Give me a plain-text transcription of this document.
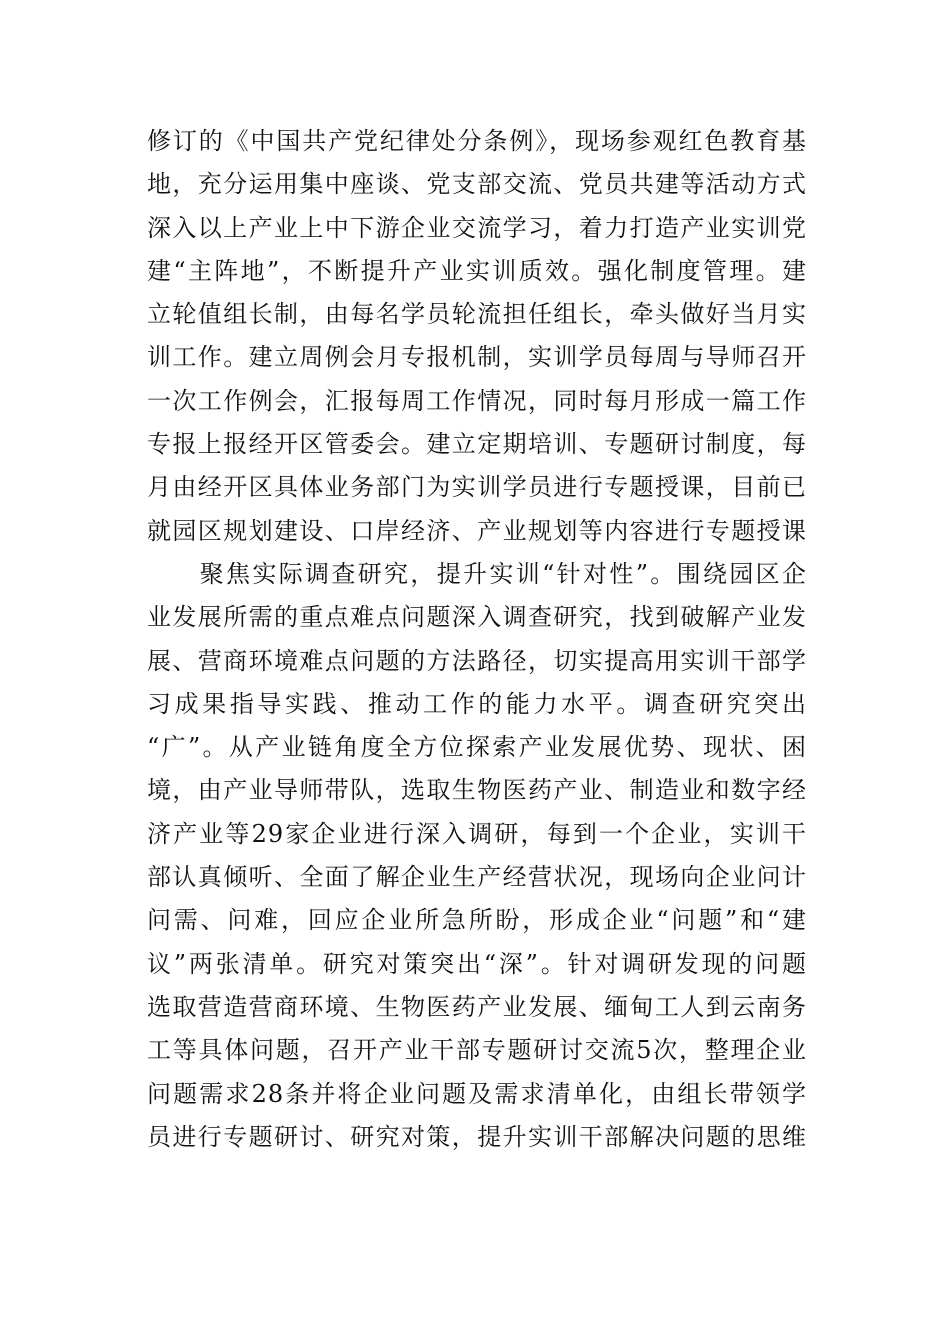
修订的《中国共产党纪律处分条例》，现场参观红色教育基
地，充分运用集中座谈、党支部交流、党员共建等活动方式
深入以上产业上中下游企业交流学习，着力打造产业实训党
建“主阵地”，不断提升产业实训质效。强化制度管理。建
立轮值组长制，由每名学员轮流担任组长，牵头做好当月实
训工作。建立周例会月专报机制，实训学员每周与导师召开
一次工作例会，汇报每周工作情况，同时每月形成一篇工作
专报上报经开区管委会。建立定期培训、专题研讨制度，每
月由经开区具体业务部门为实训学员进行专题授课，目前已
就园区规划建设、口岸经济、产业规划等内容进行专题授课
　　聚焦实际调查研究，提升实训“针对性”。围绕园区企
业发展所需的重点难点问题深入调查研究，找到破解产业发
展、营商环境难点问题的方法路径，切实提高用实训干部学
习成果指导实践、推动工作的能力水平。调查研究突出
“广”。从产业链角度全方位探索产业发展优势、现状、困
境，由产业导师带队，选取生物医药产业、制造业和数字经
济产业等29家企业进行深入调研，每到一个企业，实训干
部认真倾听、全面了解企业生产经营状况，现场向企业问计
问需、问难，回应企业所急所盼，形成企业“问题”和“建
议”两张清单。研究对策突出“深”。针对调研发现的问题
选取营造营商环境、生物医药产业发展、缅甸工人到云南务
工等具体问题，召开产业干部专题研讨交流5次，整理企业
问题需求28条并将企业问题及需求清单化，由组长带领学
员进行专题研讨、研究对策，提升实训干部解决问题的思维
